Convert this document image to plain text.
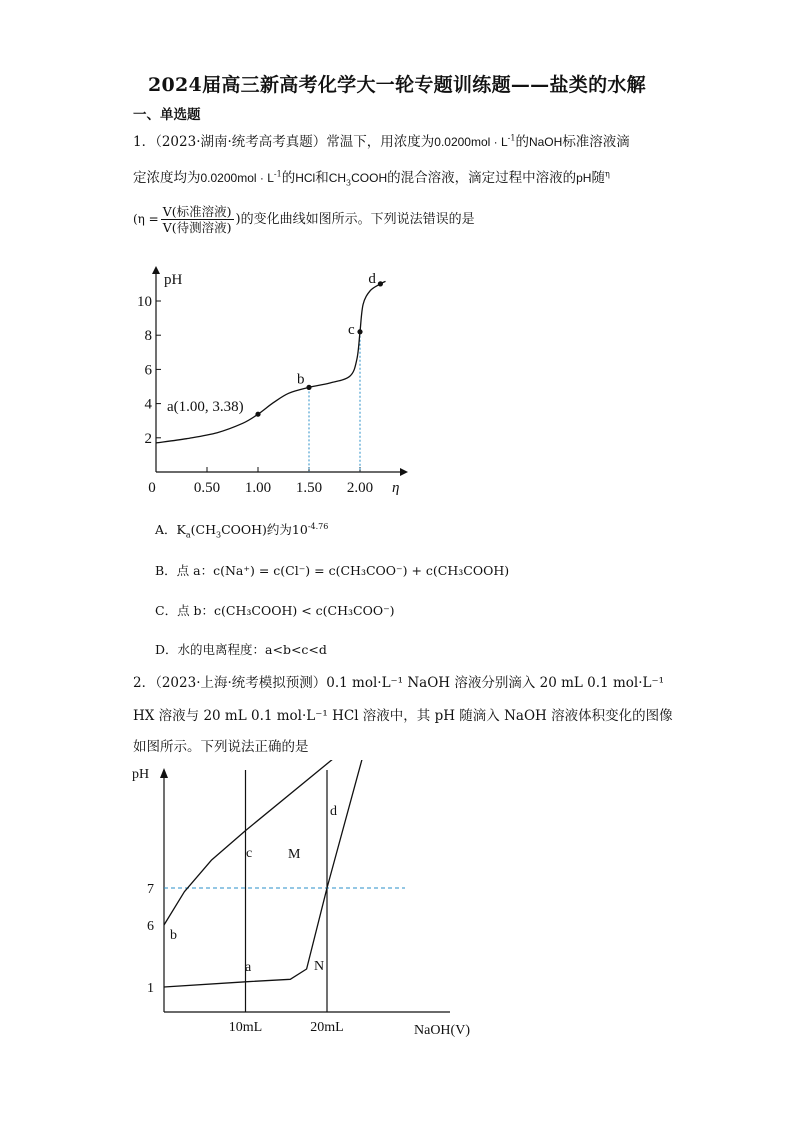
2024届高三新高考化学大一轮专题训练题——盐类的水解
一、单选题
1．（2023·湖南·统考高考真题）常温下，用浓度为$0.0200mol \cdot L^{-1}$的NaOH标准溶液滴
定浓度均为$0.0200mol \cdot L^{-1}$的HCl和$CH_3COOH$的混合溶液，滴定过程中溶液的pH随$^\eta$
($\eta = \frac{\text{V(标准溶液)}}{\text{V(待测溶液)}}$ )的变化曲线如图所示。下列说法错误的是
pH
η
0	0.50 1.00 1.50 2.00
2
4
6
8
10
a(1.00, 3.38)
b
c
d
A．$K_a(CH_3COOH)$约为$10^{-4.76}$
B．点 a：c(Na⁺) = c(Cl⁻) = c(CH₃COO⁻) + c(CH₃COOH)
C．点 b：c(CH₃COOH) < c(CH₃COO⁻)
D．水的电离程度：a<b<c<d
2．（2023·上海·统考模拟预测）0.1 mol·L⁻¹ NaOH 溶液分别滴入 20 mL 0.1 mol·L⁻¹
HX 溶液与 20 mL 0.1 mol·L⁻¹ HCl 溶液中，其 pH 随滴入 NaOH 溶液体积变化的图像
如图所示。下列说法正确的是
pH
NaOH(V)
1
6
7
10mL	20mL
b
c	M
d
a	N
